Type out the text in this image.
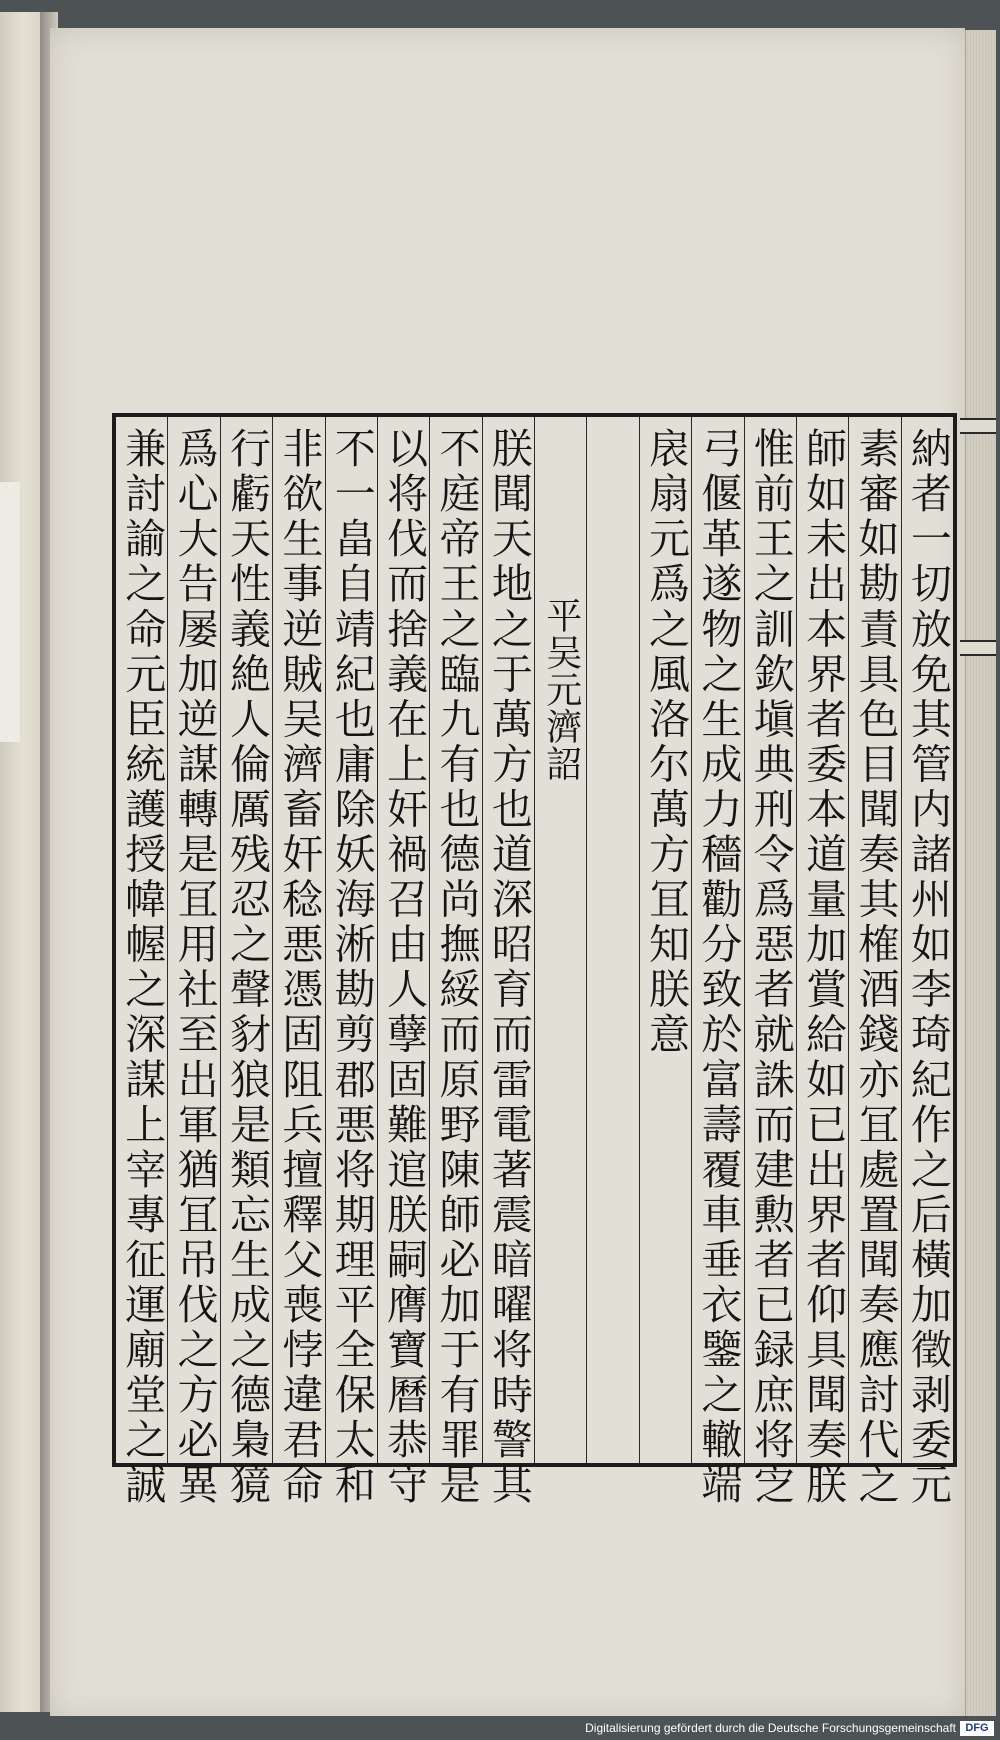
納者一切放免其管内諸州如李琦紀作之后橫加徵剥委元
素審如勘責具色目聞奏其榷酒錢亦冝處置聞奏應討代之
師如未出本界者委本道量加賞給如已出界者仰具聞奏朕
惟前王之訓欽塡典刑令爲惡者就誅而建勲者已録庶将㝎
弓偃革遂物之生成力穡勸分致於富壽覆車垂衣鑒之轍端
扆扇元爲之風洛尔萬方冝知朕意
平吴元濟詔
朕聞天地之于萬方也道深昭育而雷電著震暗曜将時警其
不庭帝王之臨九有也德尚撫綏而原野陳師必加于有罪是
以将伐而捨義在上奸禍召由人孽固難逭朕嗣膺寶曆恭守
不一畠自靖紀也庸除妖海淅勘剪郡悪将期理平全保太和
非欲生事逆賊吴濟畜奸稔悪憑固阻兵擅釋父喪悖違君命
行虧天性義絶人倫厲残忍之聲豺狼是類忘生成之德梟獍
爲心大告屡加逆謀轉是冝用社至出軍猶冝吊伐之方必異
兼討諭之命元臣統護授幃幄之深謀上宰專征運廟堂之誠
Digitalisierung gefördert durch die Deutsche Forschungsgemeinschaft DFG
